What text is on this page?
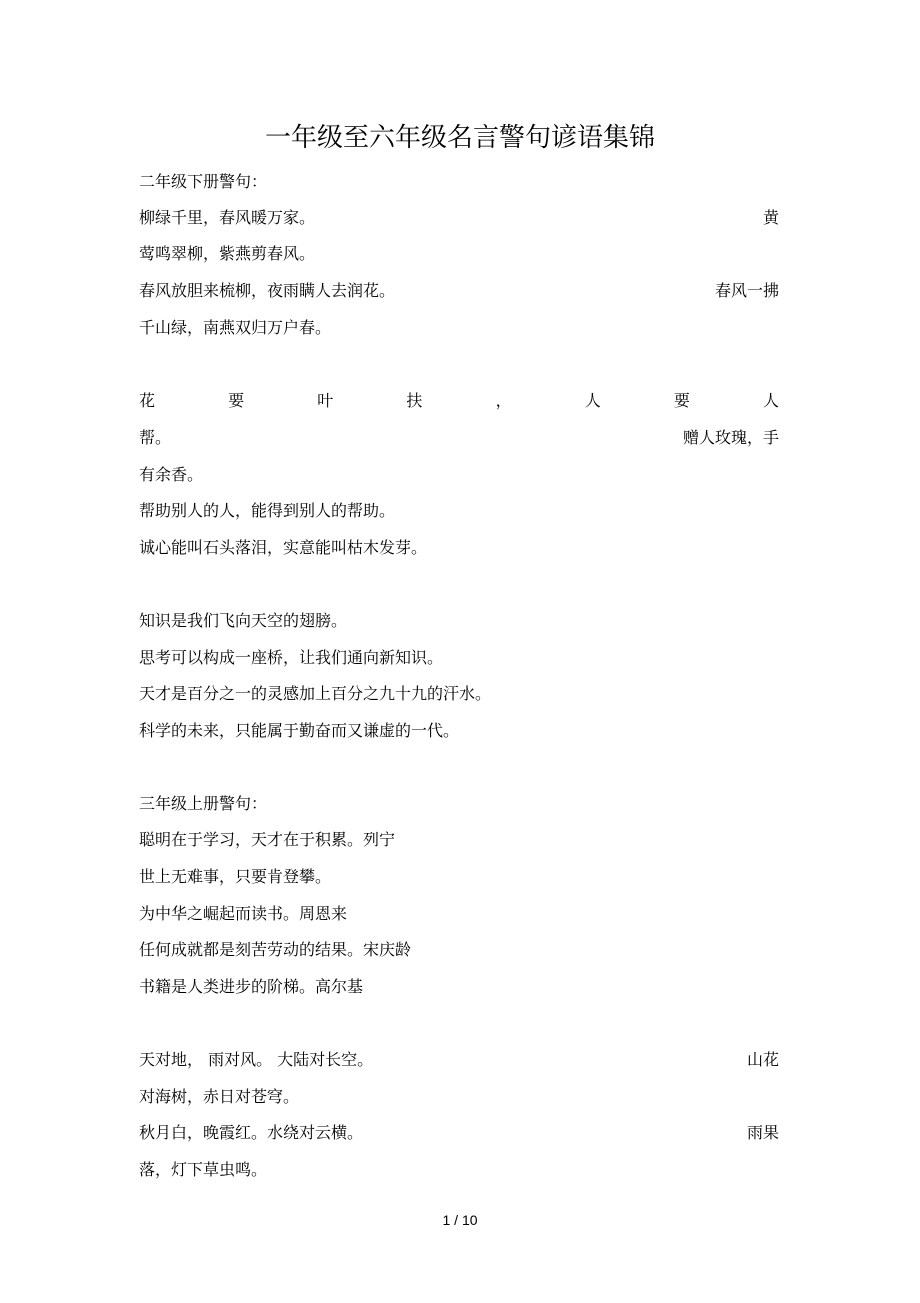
一年级至六年级名言警句谚语集锦
二年级下册警句：
柳绿千里，春风暖万家。	黄
莺鸣翠柳，紫燕剪春风。
春风放胆来梳柳，夜雨瞒人去润花。	春风一拂
千山绿，南燕双归万户春。
花	要	叶	扶	，	人	要	人
帮。	赠人玫瑰，手
有余香。
帮助别人的人，能得到别人的帮助。
诚心能叫石头落泪，实意能叫枯木发芽。
知识是我们飞向天空的翅膀。
思考可以构成一座桥，让我们通向新知识。
天才是百分之一的灵感加上百分之九十九的汗水。
科学的未来，只能属于勤奋而又谦虚的一代。
三年级上册警句：
聪明在于学习，天才在于积累。列宁
世上无难事，只要肯登攀。
为中华之崛起而读书。周恩来
任何成就都是刻苦劳动的结果。宋庆龄
书籍是人类进步的阶梯。高尔基
天对地， 雨对风。 大陆对长空。	山花
对海树，赤日对苍穹。
秋月白，晚霞红。水绕对云横。	雨果
落，灯下草虫鸣。
1 / 10
